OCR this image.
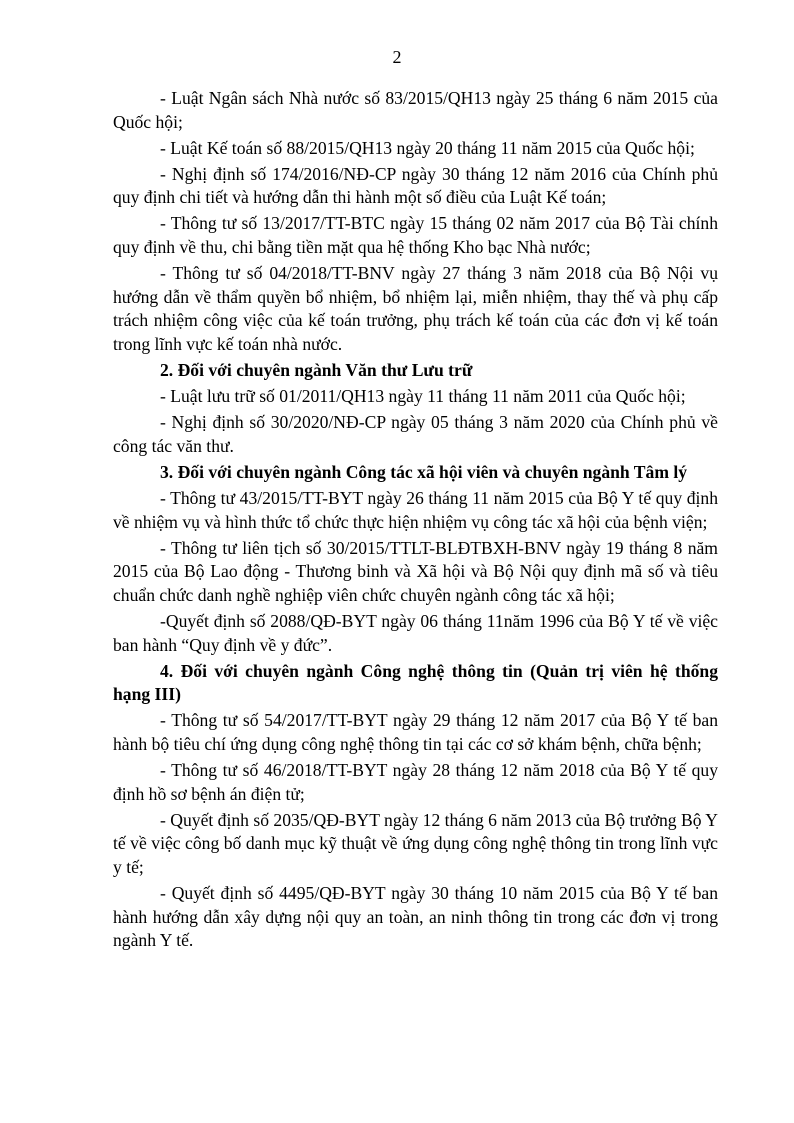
2

- Luật Ngân sách Nhà nước số 83/2015/QH13 ngày 25 tháng 6 năm 2015 của Quốc hội;

- Luật Kế toán số 88/2015/QH13 ngày 20 tháng 11 năm 2015 của Quốc hội;

- Nghị định số 174/2016/NĐ-CP ngày 30 tháng 12 năm 2016 của Chính phủ quy định chi tiết và hướng dẫn thi hành một số điều của Luật Kế toán;

- Thông tư số 13/2017/TT-BTC ngày 15 tháng 02 năm 2017 của Bộ Tài chính quy định về thu, chi bằng tiền mặt qua hệ thống Kho bạc Nhà nước;

- Thông tư số 04/2018/TT-BNV ngày 27 tháng 3 năm 2018 của Bộ Nội vụ hướng dẫn về thẩm quyền bổ nhiệm, bổ nhiệm lại, miễn nhiệm, thay thế và phụ cấp trách nhiệm công việc của kế toán trưởng, phụ trách kế toán của các đơn vị kế toán trong lĩnh vực kế toán nhà nước.

2. Đối với chuyên ngành Văn thư Lưu trữ

- Luật lưu trữ số 01/2011/QH13 ngày 11 tháng 11 năm 2011 của Quốc hội;

- Nghị định số 30/2020/NĐ-CP ngày 05 tháng 3 năm 2020 của Chính phủ về công tác văn thư.

3. Đối với chuyên ngành Công tác xã hội viên và chuyên ngành Tâm lý

- Thông tư 43/2015/TT-BYT ngày 26 tháng 11 năm 2015 của Bộ Y tế quy định về nhiệm vụ và hình thức tổ chức thực hiện nhiệm vụ công tác xã hội của bệnh viện;

- Thông tư liên tịch số 30/2015/TTLT-BLĐTBXH-BNV ngày 19 tháng 8 năm 2015 của Bộ Lao động - Thương binh và Xã hội và Bộ Nội quy định mã số và tiêu chuẩn chức danh nghề nghiệp viên chức chuyên ngành công tác xã hội;

-Quyết định số 2088/QĐ-BYT ngày 06 tháng 11năm 1996 của Bộ Y tế về việc ban hành “Quy định về y đức”.

4. Đối với chuyên ngành Công nghệ thông tin (Quản trị viên hệ thống hạng III)

- Thông tư số 54/2017/TT-BYT ngày 29 tháng 12 năm 2017 của Bộ Y tế ban hành bộ tiêu chí ứng dụng công nghệ thông tin tại các cơ sở khám bệnh, chữa bệnh;

- Thông tư số 46/2018/TT-BYT ngày 28 tháng 12 năm 2018 của Bộ Y tế quy định hồ sơ bệnh án điện tử;

- Quyết định số 2035/QĐ-BYT ngày 12 tháng 6 năm 2013 của Bộ trưởng Bộ Y tế về việc công bố danh mục kỹ thuật về ứng dụng công nghệ thông tin trong lĩnh vực y tế;

- Quyết định số 4495/QĐ-BYT ngày 30 tháng 10 năm 2015 của Bộ Y tế ban hành hướng dẫn xây dựng nội quy an toàn, an ninh thông tin trong các đơn vị trong ngành Y tế.
